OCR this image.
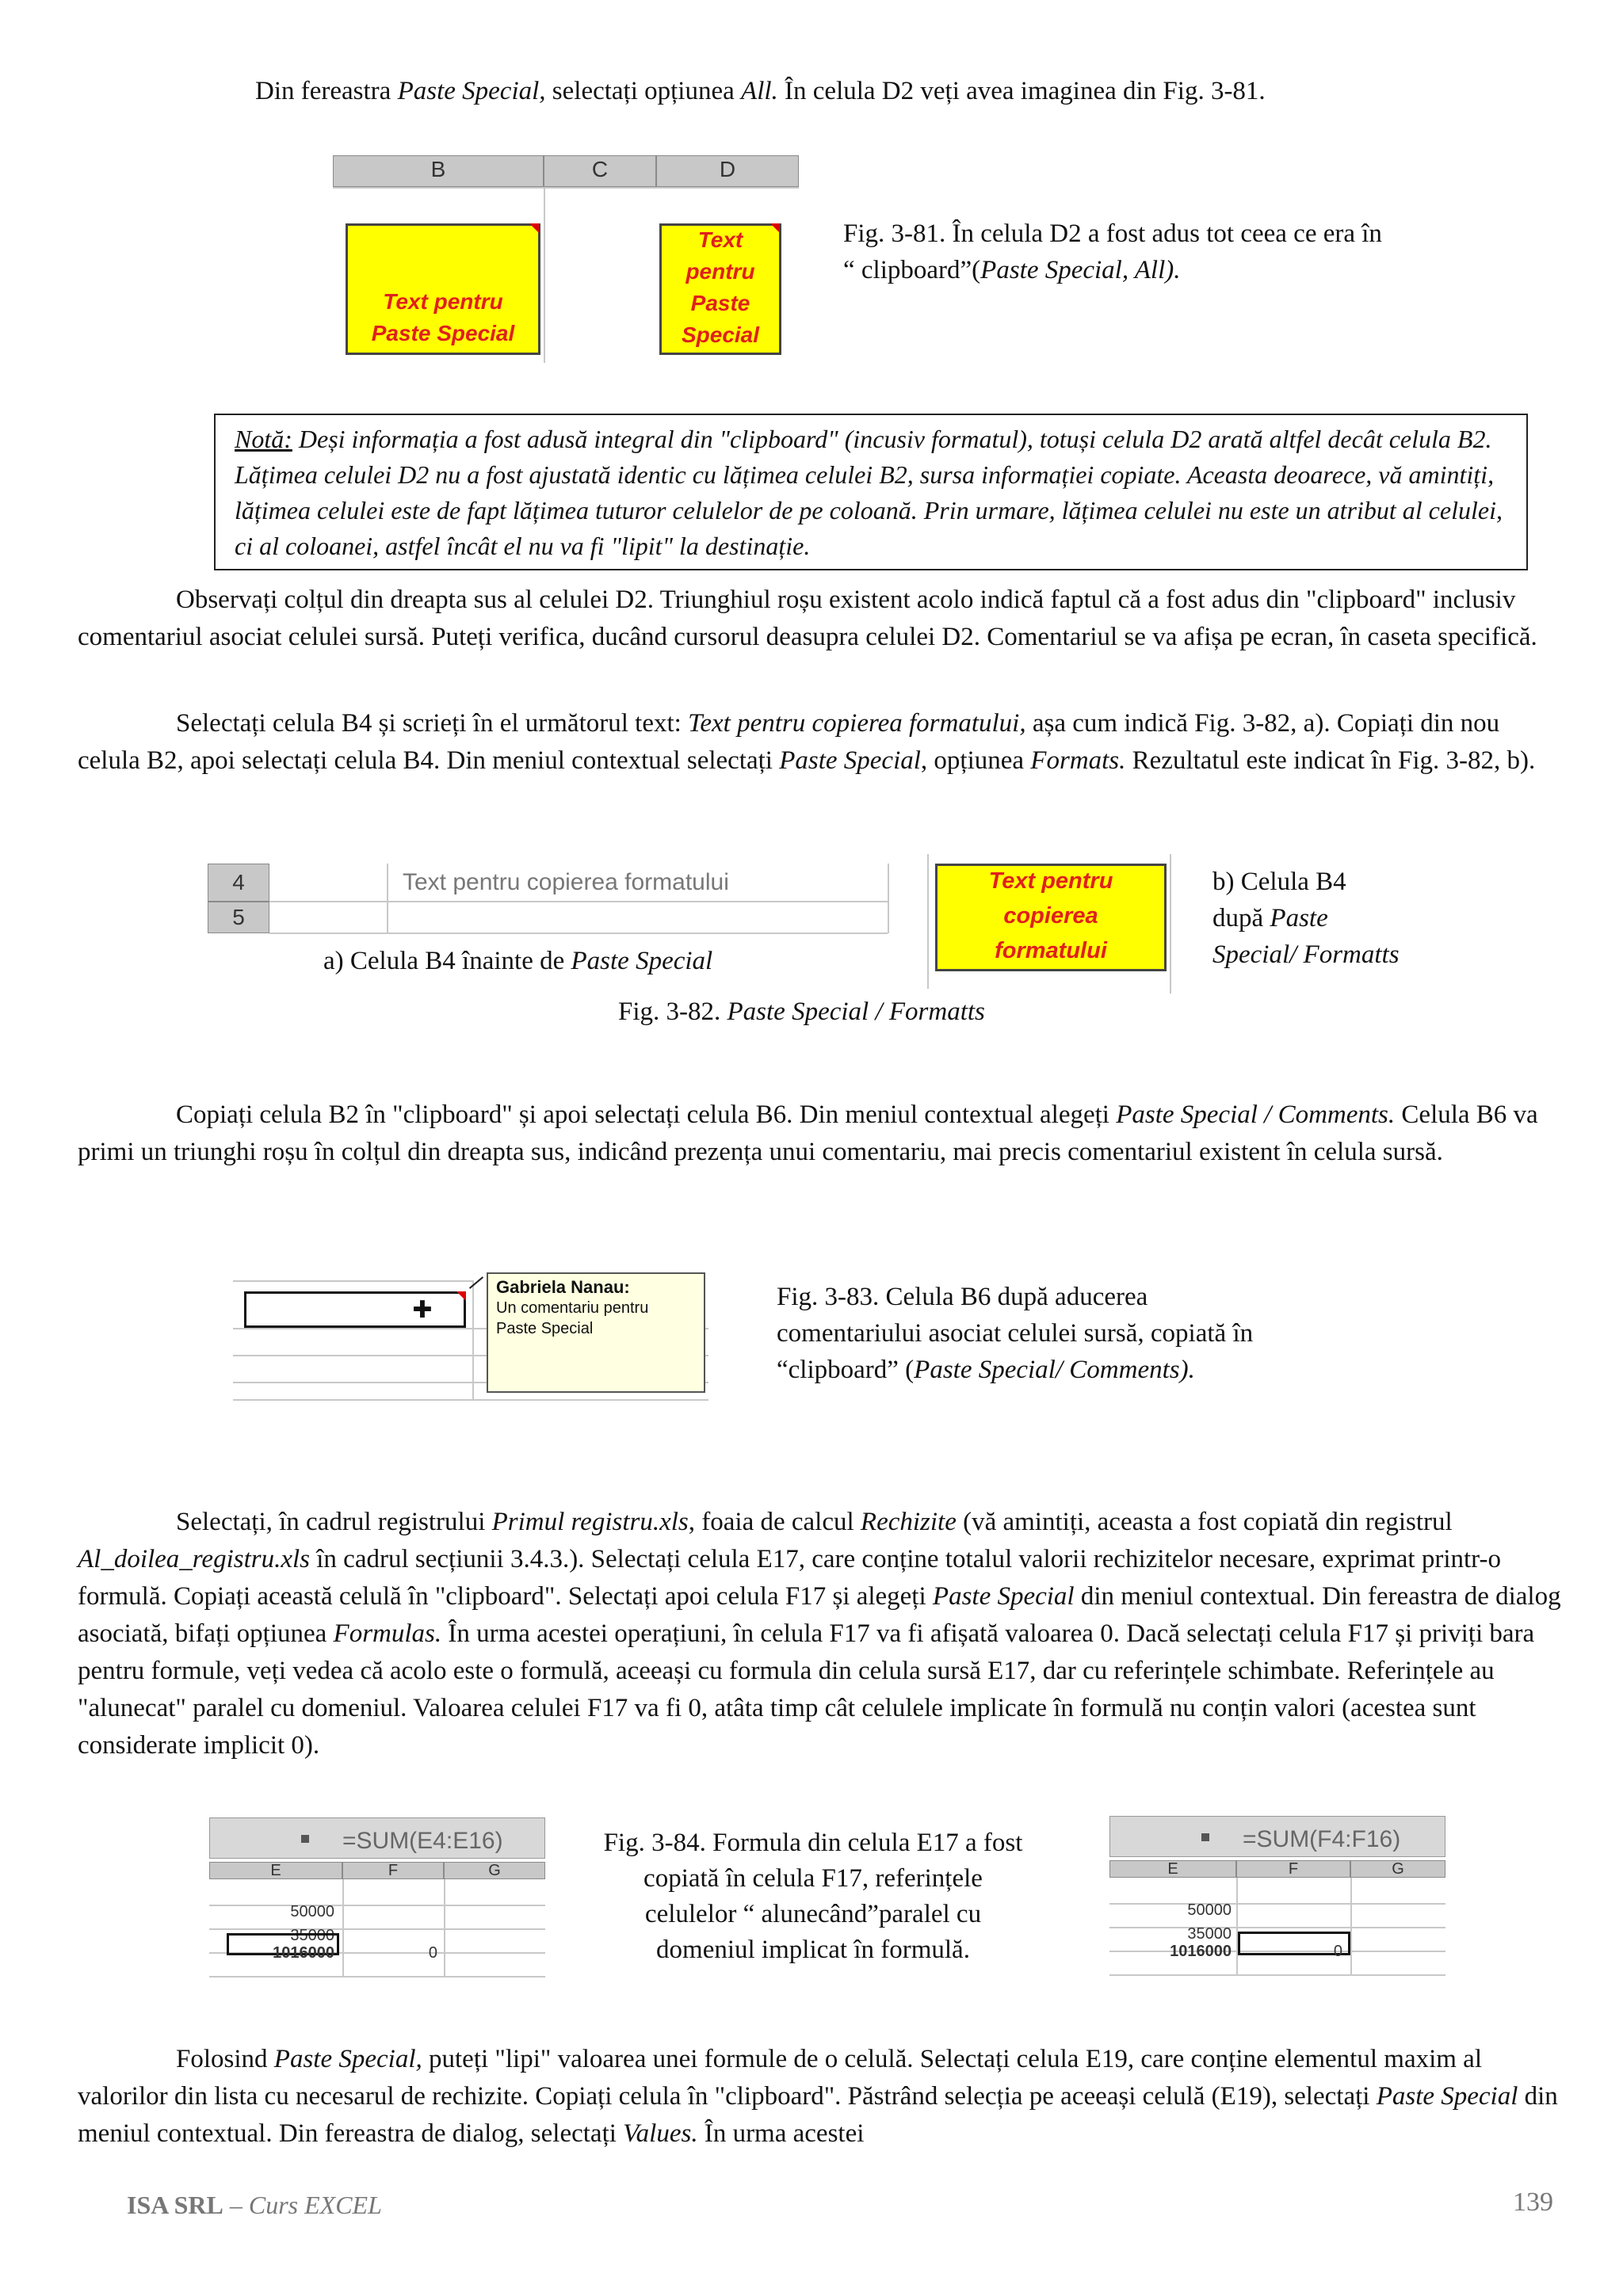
Din fereastra Paste Special, selectați opțiunea All. În celula D2 veți avea imaginea din Fig. 3-81.
B	C	D
Text pentru
Paste Special
Text
pentru
Paste
Special
Fig. 3-81. În celula D2 a fost adus tot ceea ce era în
“ clipboard”(Paste Special, All).
Notă: Deși informația a fost adusă integral din "clipboard" (incusiv formatul), totuși celula D2 arată altfel decât celula B2. Lățimea celulei D2 nu a fost ajustată identic cu lățimea celulei B2, sursa informației copiate. Aceasta deoarece, vă amintiți, lățimea celulei este de fapt lățimea tuturor celulelor de pe coloană. Prin urmare, lățimea celulei nu este un atribut al celulei, ci al coloanei, astfel încât el nu va fi "lipit" la destinație.
Observați colțul din dreapta sus al celulei D2. Triunghiul roșu existent acolo indică faptul că a fost adus din "clipboard" inclusiv comentariul asociat celulei sursă. Puteți verifica, ducând cursorul deasupra celulei D2. Comentariul se va afișa pe ecran, în caseta specifică.
Selectați celula B4 și scrieți în el următorul text: Text pentru copierea formatului, așa cum indică Fig. 3-82, a). Copiați din nou celula B2, apoi selectați celula B4. Din meniul contextual selectați Paste Special, opțiunea Formats. Rezultatul este indicat în Fig. 3-82, b).
4
5
Text pentru copierea formatului
a) Celula B4 înainte de Paste Special
Text pentru
copierea
formatului
b) Celula B4
după Paste
Special/ Formatts
Fig. 3-82. Paste Special / Formatts
Copiați celula B2 în "clipboard" și apoi selectați celula B6. Din meniul contextual alegeți Paste Special / Comments. Celula B6 va primi un triunghi roșu în colțul din dreapta sus, indicând prezența unui comentariu, mai precis comentariul existent în celula sursă.
✚
Gabriela Nanau:
Un comentariu pentru
Paste Special
Fig. 3-83. Celula B6 după aducerea
comentariului asociat celulei sursă, copiată în
“clipboard” (Paste Special/ Comments).
Selectați, în cadrul registrului Primul registru.xls, foaia de calcul Rechizite (vă amintiți, aceasta a fost copiată din registrul Al_doilea_registru.xls în cadrul secțiunii 3.4.3.). Selectați celula E17, care conține totalul valorii rechizitelor necesare, exprimat printr-o formulă. Copiați această celulă în "clipboard". Selectați apoi celula F17 și alegeți Paste Special din meniul contextual. Din fereastra de dialog asociată, bifați opțiunea Formulas. În urma acestei operațiuni, în celula F17 va fi afișată valoarea 0. Dacă selectați celula F17 și priviți bara pentru formule, veți vedea că acolo este o formulă, aceeași cu formula din celula sursă E17, dar cu referințele schimbate. Referințele au "alunecat" paralel cu domeniul. Valoarea celulei F17 va fi 0, atâta timp cât celulele implicate în formulă nu conțin valori (acestea sunt considerate implicit 0).
=SUM(E4:E16)
E	F	G
50000
35000
1016000	0
Fig. 3-84. Formula din celula E17 a fost
copiată în celula F17, referințele
celulelor “ alunecând”paralel cu
domeniul implicat în formulă.
=SUM(F4:F16)
E	F	G
50000
35000
1016000	0
Folosind Paste Special, puteți "lipi" valoarea unei formule de o celulă. Selectați celula E19, care conține elementul maxim al valorilor din lista cu necesarul de rechizite. Copiați celula în "clipboard". Păstrând selecția pe aceeași celulă (E19), selectați Paste Special din meniul contextual. Din fereastra de dialog, selectați Values. În urma acestei
ISA SRL – Curs EXCEL	139
